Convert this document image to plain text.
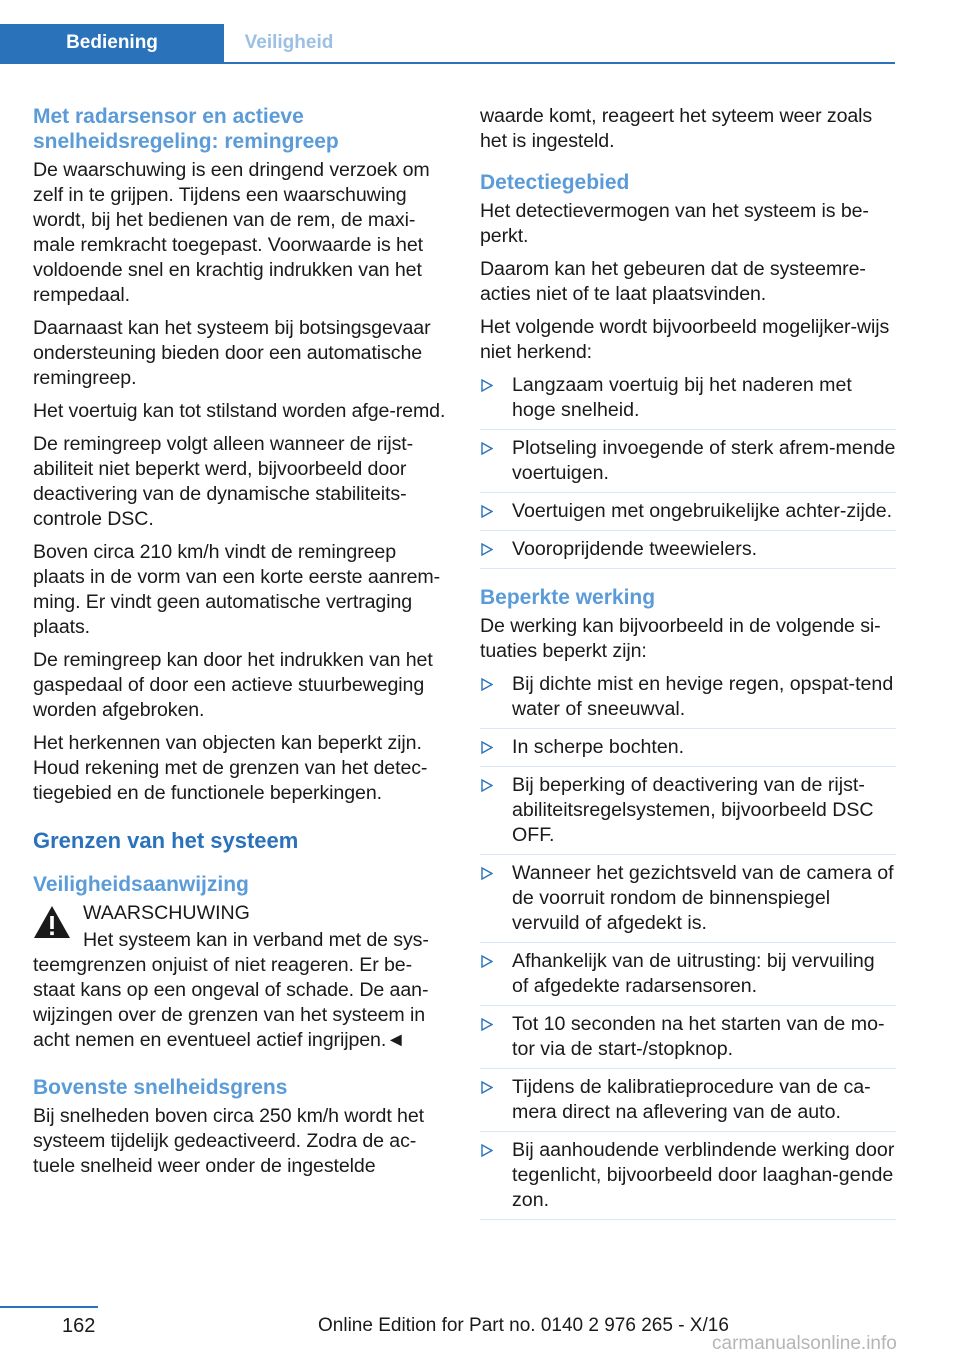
Bediening	Veiligheid
Met radarsensor en actieve snelheidsregeling: remingreep

De waarschuwing is een dringend verzoek om zelf in te grijpen. Tijdens een waarschuwing wordt, bij het bedienen van de rem, de maxi‐male remkracht toegepast. Voorwaarde is het voldoende snel en krachtig indrukken van het rempedaal.

Daarnaast kan het systeem bij botsingsgevaar ondersteuning bieden door een automatische remingreep.

Het voertuig kan tot stilstand worden afge‐remd.

De remingreep volgt alleen wanneer de rijst‐abiliteit niet beperkt werd, bijvoorbeeld door deactivering van de dynamische stabiliteits‐controle DSC.

Boven circa 210 km/h vindt de remingreep plaats in de vorm van een korte eerste aanrem‐ming. Er vindt geen automatische vertraging plaats.

De remingreep kan door het indrukken van het gaspedaal of door een actieve stuurbeweging worden afgebroken.

Het herkennen van objecten kan beperkt zijn. Houd rekening met de grenzen van het detec‐tiegebied en de functionele beperkingen.

Grenzen van het systeem
Veiligheidsaanwijzing
WAARSCHUWING

Het systeem kan in verband met de sys‐teemgrenzen onjuist of niet reageren. Er be‐staat kans op een ongeval of schade. De aan‐wijzingen over de grenzen van het systeem in acht nemen en eventueel actief ingrijpen.◄

Bovenste snelheidsgrens

Bij snelheden boven circa 250 km/h wordt het systeem tijdelijk gedeactiveerd. Zodra de ac‐tuele snelheid weer onder de ingestelde

waarde komt, reageert het syteem weer zoals het is ingesteld.

Detectiegebied

Het detectievermogen van het systeem is be‐perkt.

Daarom kan het gebeuren dat de systeemre‐acties niet of te laat plaatsvinden.

Het volgende wordt bijvoorbeeld mogelijker‐wijs niet herkend:

Langzaam voertuig bij het naderen met hoge snelheid.
Plotseling invoegende of sterk afrem‐mende voertuigen.
Voertuigen met ongebruikelijke achter‐zijde.
Vooroprijdende tweewielers.
Beperkte werking

De werking kan bijvoorbeeld in de volgende si‐tuaties beperkt zijn:

Bij dichte mist en hevige regen, opspat‐tend water of sneeuwval.
In scherpe bochten.
Bij beperking of deactivering van de rijst‐abiliteitsregelsystemen, bijvoorbeeld DSC OFF.
Wanneer het gezichtsveld van de camera of de voorruit rondom de binnenspiegel vervuild of afgedekt is.
Afhankelijk van de uitrusting: bij vervuiling of afgedekte radarsensoren.
Tot 10 seconden na het starten van de mo‐tor via de start-/stopknop.
Tijdens de kalibratieprocedure van de ca‐mera direct na aflevering van de auto.
Bij aanhoudende verblindende werking door tegenlicht, bijvoorbeeld door laaghan‐gende zon.
162	Online Edition for Part no. 0140 2 976 265 - X/16
carmanualsonline.info
